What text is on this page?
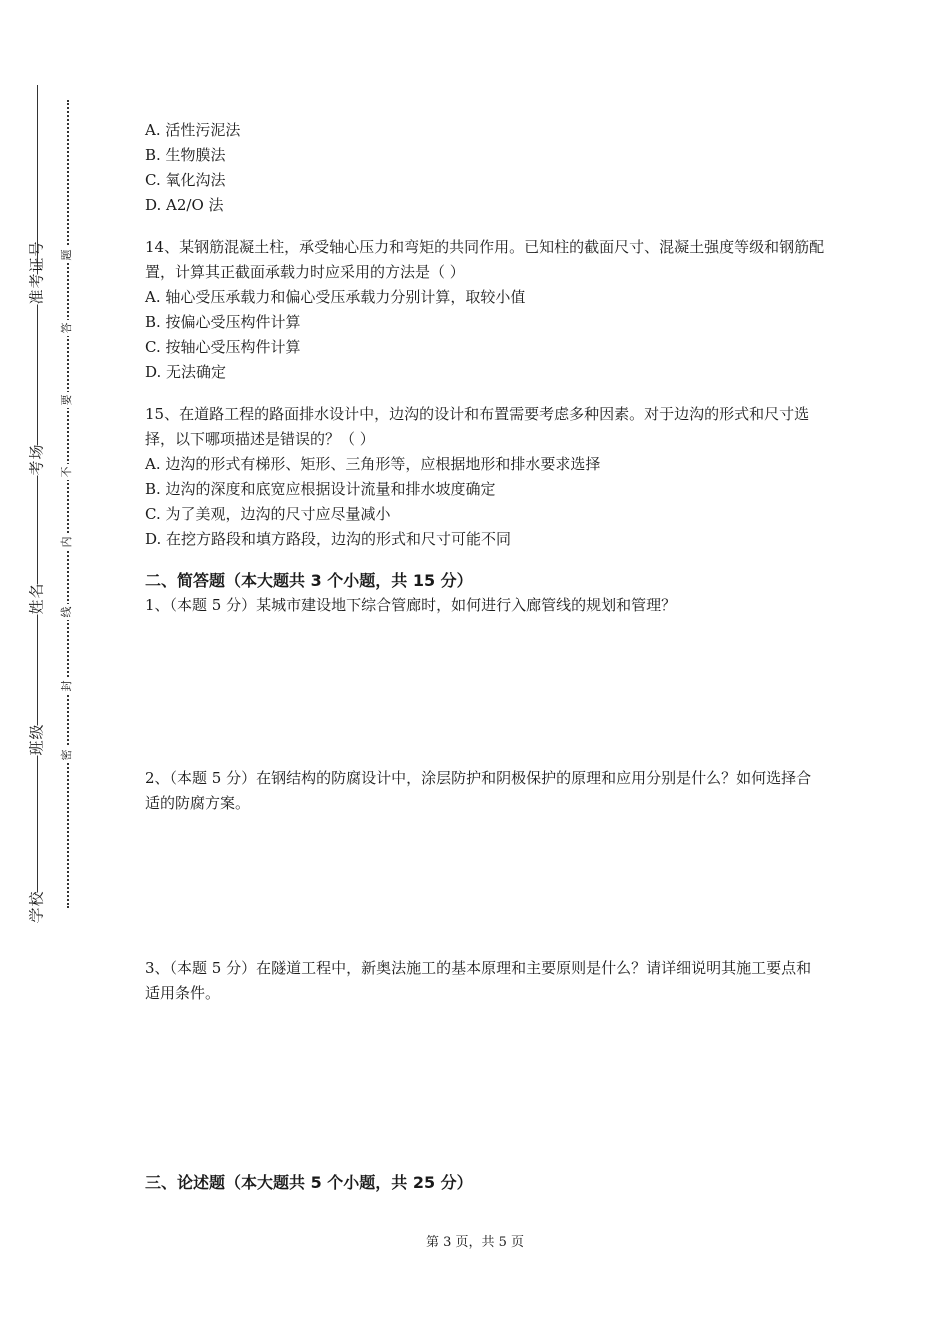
准考证号
考场
姓名
班级
学校
题
答
要
不
内
线
封
密
A. 活性污泥法
B. 生物膜法
C. 氧化沟法
D. A2/O 法
14、某钢筋混凝土柱，承受轴心压力和弯矩的共同作用。已知柱的截面尺寸、混凝土强度等级和钢筋配置，计算其正截面承载力时应采用的方法是（ ）
A. 轴心受压承载力和偏心受压承载力分别计算，取较小值
B. 按偏心受压构件计算
C. 按轴心受压构件计算
D. 无法确定
15、在道路工程的路面排水设计中，边沟的设计和布置需要考虑多种因素。对于边沟的形式和尺寸选择，以下哪项描述是错误的？（ ）
A. 边沟的形式有梯形、矩形、三角形等，应根据地形和排水要求选择
B. 边沟的深度和底宽应根据设计流量和排水坡度确定
C. 为了美观，边沟的尺寸应尽量减小
D. 在挖方路段和填方路段，边沟的形式和尺寸可能不同
二、简答题（本大题共 3 个小题，共 15 分）
1、（本题 5 分）某城市建设地下综合管廊时，如何进行入廊管线的规划和管理？
2、（本题 5 分）在钢结构的防腐设计中，涂层防护和阴极保护的原理和应用分别是什么？如何选择合适的防腐方案。
3、（本题 5 分）在隧道工程中，新奥法施工的基本原理和主要原则是什么？请详细说明其施工要点和适用条件。
三、论述题（本大题共 5 个小题，共 25 分）
第 3 页，共 5 页
